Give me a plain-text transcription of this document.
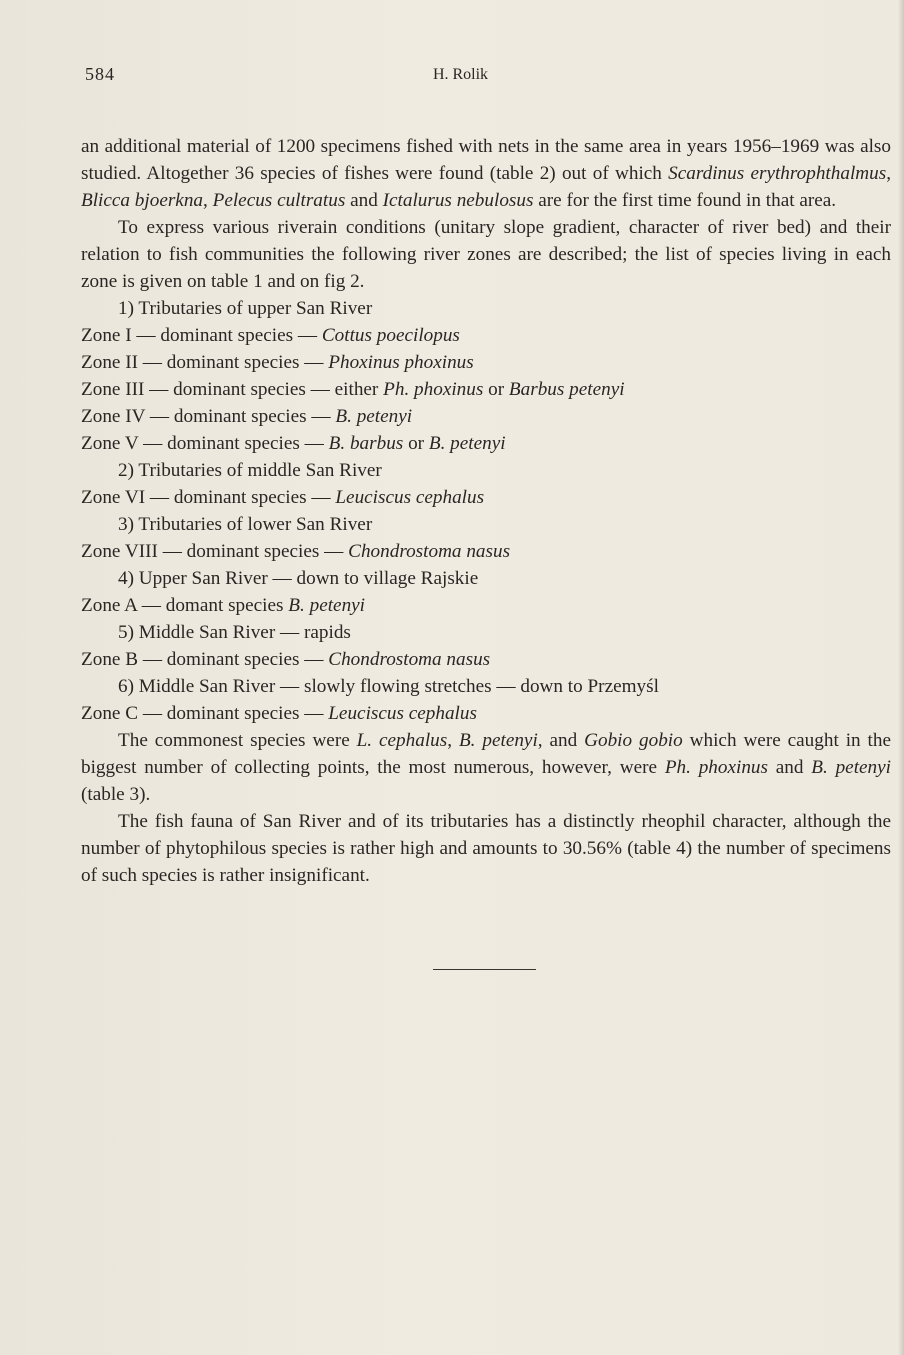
584	H. Rolik

an additional material of 1200 specimens fished with nets in the same area in years 1956–1969 was also studied. Altogether 36 species of fishes were found (table 2) out of which Scardinus erythrophthalmus, Blicca bjoerkna, Pelecus cultratus and Ictalurus nebulosus are for the first time found in that area.

To express various riverain conditions (unitary slope gradient, character of river bed) and their relation to fish communities the following river zones are described; the list of species living in each zone is given on table 1 and on fig 2.

1) Tributaries of upper San River
Zone I — dominant species — Cottus poecilopus
Zone II — dominant species — Phoxinus phoxinus
Zone III — dominant species — either Ph. phoxinus or Barbus petenyi
Zone IV — dominant species — B. petenyi
Zone V — dominant species — B. barbus or B. petenyi
2) Tributaries of middle San River
Zone VI — dominant species — Leuciscus cephalus
3) Tributaries of lower San River
Zone VIII — dominant species — Chondrostoma nasus
4) Upper San River — down to village Rajskie
Zone A — domant species B. petenyi
5) Middle San River — rapids
Zone B — dominant species — Chondrostoma nasus
6) Middle San River — slowly flowing stretches — down to Przemyśl
Zone C — dominant species — Leuciscus cephalus

The commonest species were L. cephalus, B. petenyi, and Gobio gobio which were caught in the biggest number of collecting points, the most numerous, however, were Ph. phoxinus and B. petenyi (table 3).

The fish fauna of San River and of its tributaries has a distinctly rheophil character, although the number of phytophilous species is rather high and amounts to 30.56% (table 4) the number of specimens of such species is rather insignificant.
